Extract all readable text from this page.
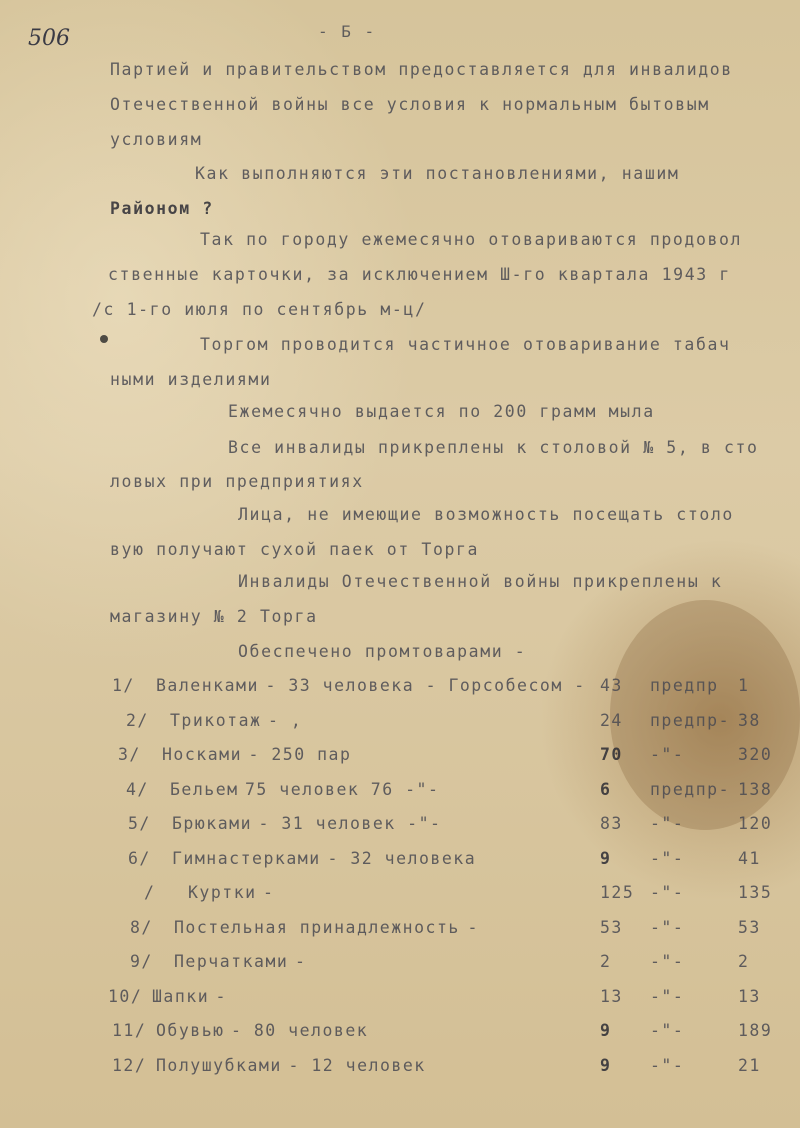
506	- Б -
Партией и правительством предоставляется для инвалидов
Отечественной войны все условия к нормальным бытовым
условиям
Как выполняются эти постановлениями, нашим
Районом ?
Так по городу ежемесячно отовариваются продовол
ственные карточки, за исключением Ш-го квартала 1943 г
/с 1-го июля по сентябрь м-ц/
Торгом проводится частичное отоваривание табач
ными изделиями
Ежемесячно выдается по 200 грамм мыла
Все инвалиды прикреплены к столовой № 5, в сто
ловых при предприятиях
Лица, не имеющие возможность посещать столо
вую получают сухой паек от Торга
Инвалиды Отечественной войны прикреплены к
магазину № 2 Торга
Обеспечено промтоварами -
1/ Валенками - 33 человека - Горсобесом - 43 предпр 1
2/ Трикотаж - ,	24 предпр- 38
3/ Носками - 250 пар	70 -"-	320
4/ Бельем 75 человек 76 -"-	6 предпр- 138
5/ Брюками - 31 человек -"-	83 -"-	120
6/ Гимнастерками - 32 человека	9 -"-	41
/ Куртки -	125 -"-	135
8/ Постельная принадлежность -	53 -"-	53
9/ Перчатками -	2 -"-	2
10/ Шапки -	13 -"-	13
11/ Обувью - 80 человек	9 -"-	189
12/ Полушубками - 12 человек	9 -"-	21
